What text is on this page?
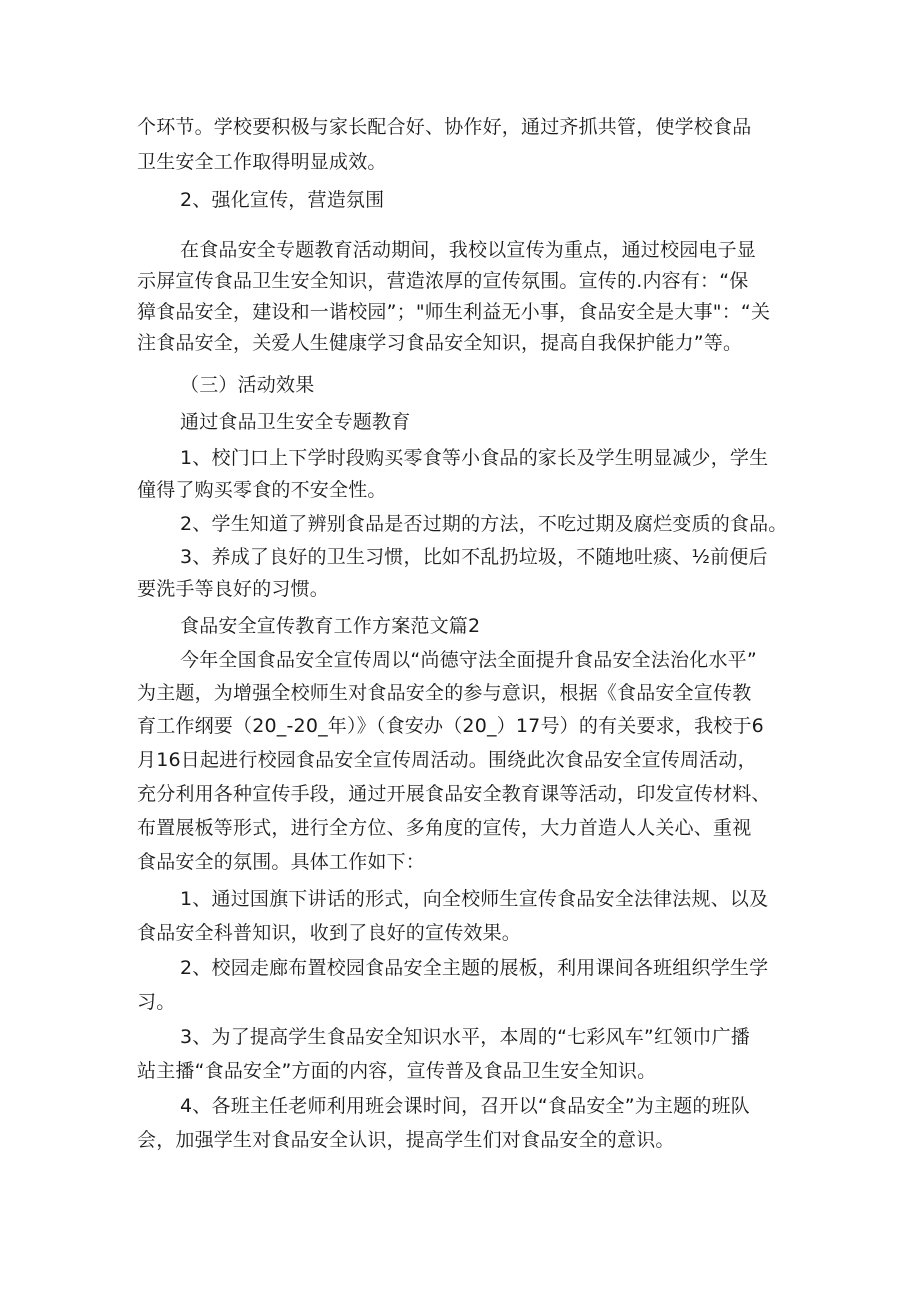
个环节。学校要积极与家长配合好、协作好，通过齐抓共管，使学校食品

卫生安全工作取得明显成效。

2、强化宣传，营造氛围

在食品安全专题教育活动期间，我校以宣传为重点，通过校园电子显

示屏宣传食品卫生安全知识，营造浓厚的宣传氛围。宣传的.内容有：“保

獐食品安全，建设和一谐校园”；"师生利益无小事，食品安全是大事"：“关

注食品安全，关爱人生健康学习食品安全知识，提高自我保护能力”等。

（三）活动效果

通过食品卫生安全专题教育

1、校门口上下学时段购买零食等小食品的家长及学生明显减少，学生

僮得了购买零食的不安全性。

2、学生知道了辨别食品是否过期的方法，不吃过期及腐烂变质的食品。

3、养成了良好的卫生习惯，比如不乱扔垃圾，不随地吐痰、½前便后

要洗手等良好的习惯。

食品安全宣传教育工作方案范文篇2

今年全国食品安全宣传周以“尚德守法全面提升食品安全法治化水平”

为主题，为增强全校师生对食品安全的参与意识，根据《食品安全宣传教

育工作纲要（20_-20_年）》（食安办（20_）17号）的有关要求，我校于6

月16日起进行校园食品安全宣传周活动。围绕此次食品安全宣传周活动，

充分利用各种宣传手段，通过开展食品安全教育课等活动，印发宣传材料、

布置展板等形式，进行全方位、多角度的宣传，大力首造人人关心、重视

食品安全的氛围。具体工作如下：

1、通过国旗下讲话的形式，向全校师生宣传食品安全法律法规、以及

食品安全科普知识，收到了良好的宣传效果。

2、校园走廊布置校园食品安全主题的展板，利用课间各班组织学生学

习。

3、为了提高学生食品安全知识水平，本周的“七彩风车”红领巾广播

站主播“食品安全”方面的内容，宣传普及食品卫生安全知识。

4、各班主任老师利用班会课时间，召开以“食品安全”为主题的班队

会，加强学生对食品安全认识，提高学生们对食品安全的意识。
